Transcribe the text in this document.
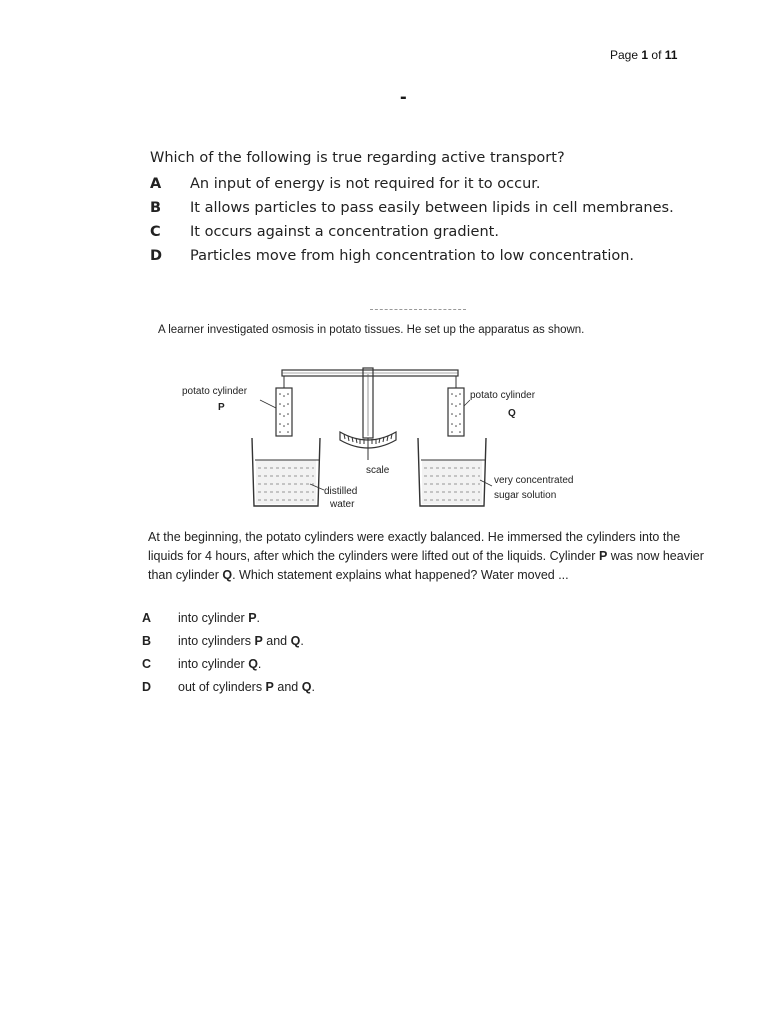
Page 1 of 11
-
Which of the following is true regarding active transport?
A	An input of energy is not required for it to occur.
B	It allows particles to pass easily between lipids in cell membranes.
C	It occurs against a concentration gradient.
D	Particles move from high concentration to low concentration.
A learner investigated osmosis in potato tissues. He set up the apparatus as shown.
potato cylinder
P
potato cylinder
Q
scale
distilled
water
very concentrated
sugar solution
At the beginning, the potato cylinders were exactly balanced. He immersed the cylinders into the liquids for 4 hours, after which the cylinders were lifted out of the liquids. Cylinder P was now heavier than cylinder Q. Which statement explains what happened? Water moved ...
A	into cylinder P.
B	into cylinders P and Q.
C	into cylinder Q.
D	out of cylinders P and Q.
